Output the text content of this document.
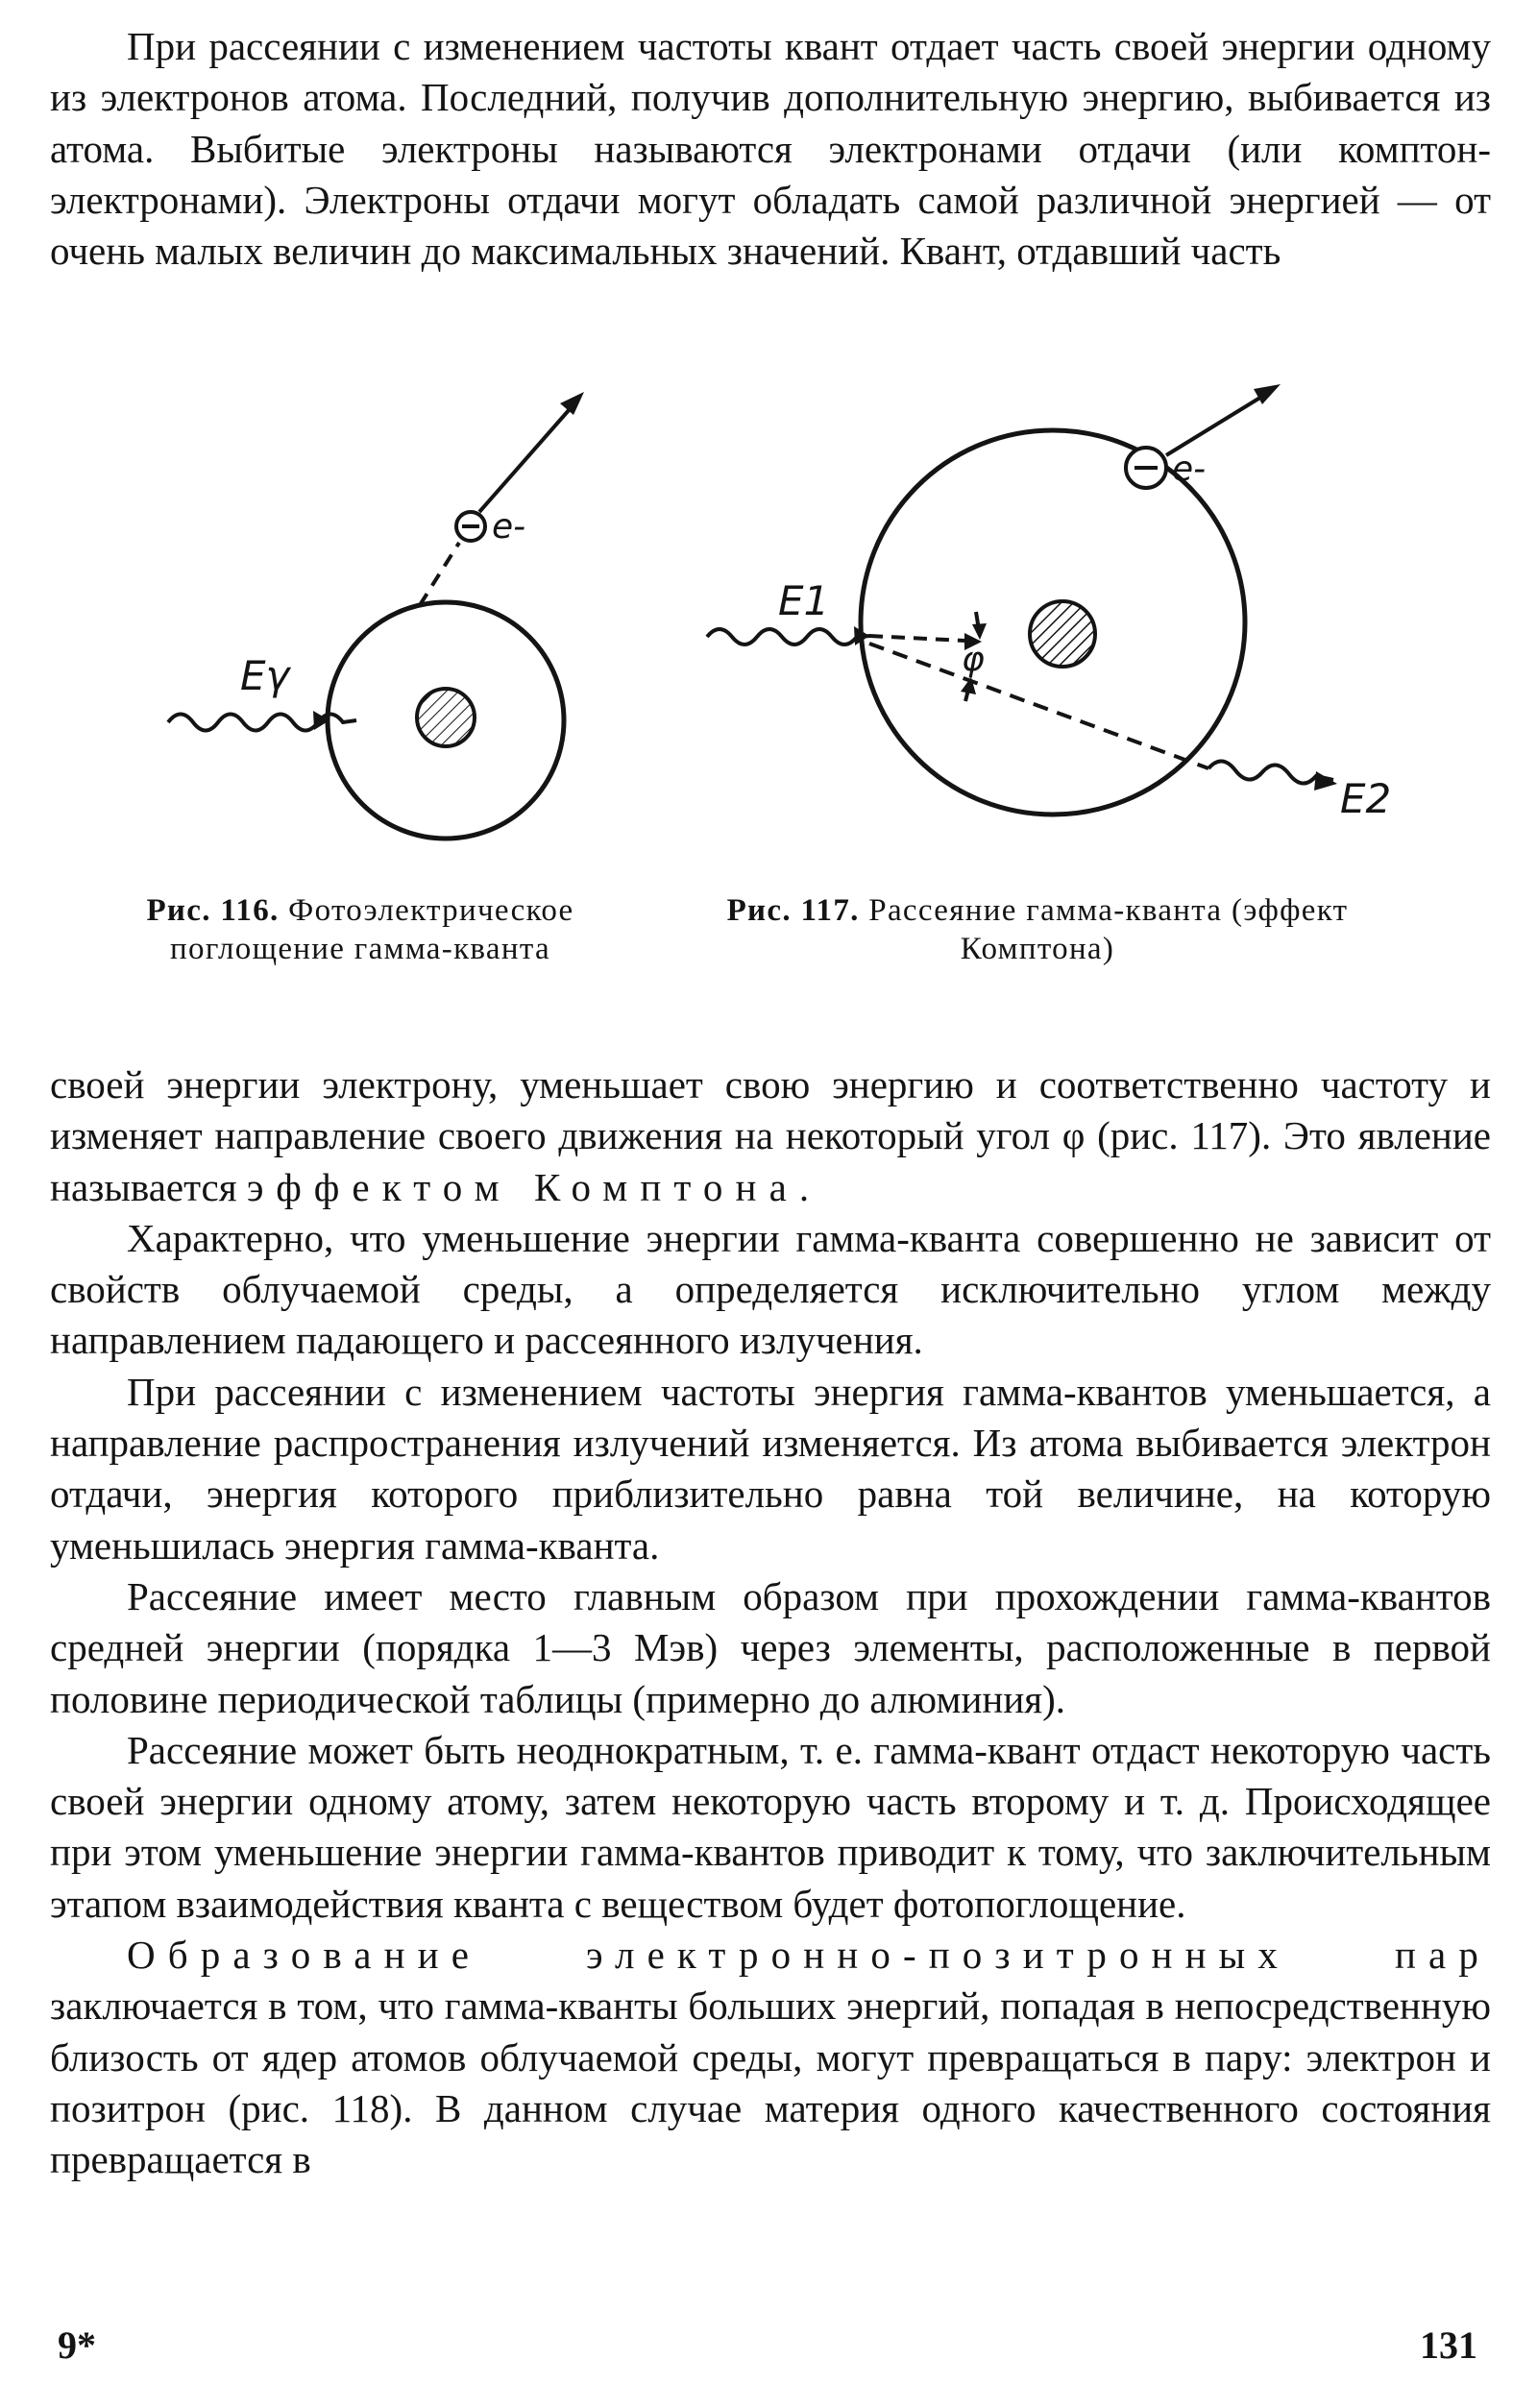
При рассеянии с изменением частоты квант отдает часть своей энергии одному из электронов атома. Последний, получив дополнительную энергию, выбивается из атома. Выбитые электроны называются электронами отдачи (или комптон-электронами). Электроны отдачи могут обладать самой различной энергией — от очень малых величин до максимальных значений. Квант, отдавший часть

Eγ
e-
E1
φ
E2
e-
Рис. 116. Фотоэлектрическое поглощение гамма-кванта
Рис. 117. Рассеяние гамма-кванта (эффект Комптона)

своей энергии электрону, уменьшает свою энергию и соответственно частоту и изменяет направление своего движения на некоторый угол φ (рис. 117). Это явление называется эффектом Комптона.

Характерно, что уменьшение энергии гамма-кванта совершенно не зависит от свойств облучаемой среды, а определяется исключительно углом между направлением падающего и рассеянного излучения.

При рассеянии с изменением частоты энергия гамма-квантов уменьшается, а направление распространения излучений изменяется. Из атома выбивается электрон отдачи, энергия которого приблизительно равна той величине, на которую уменьшилась энергия гамма-кванта.

Рассеяние имеет место главным образом при прохождении гамма-квантов средней энергии (порядка 1—3 Мэв) через элементы, расположенные в первой половине периодической таблицы (примерно до алюминия).

Рассеяние может быть неоднократным, т. е. гамма-квант отдаст некоторую часть своей энергии одному атому, затем некоторую часть второму и т. д. Происходящее при этом уменьшение энергии гамма-квантов приводит к тому, что заключительным этапом взаимодействия кванта с веществом будет фотопоглощение.

Образование электронно-позитронных пар заключается в том, что гамма-кванты больших энергий, попадая в непосредственную близость от ядер атомов облучаемой среды, могут превращаться в пару: электрон и позитрон (рис. 118). В данном случае материя одного качественного состояния превращается в

9*	131
